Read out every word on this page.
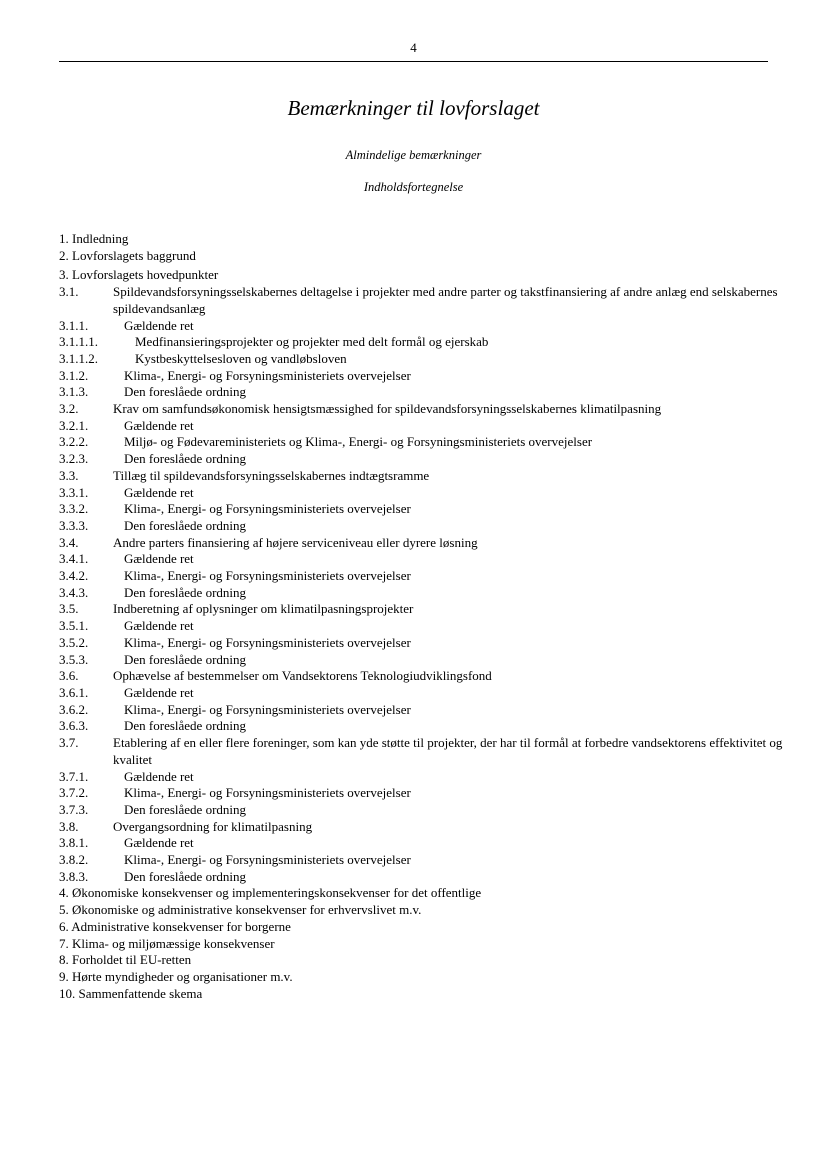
4
Bemærkninger til lovforslaget
Almindelige bemærkninger
Indholdsfortegnelse
1. Indledning
2. Lovforslagets baggrund
3. Lovforslagets hovedpunkter
3.1.	Spildevandsforsyningsselskabernes deltagelse i projekter med andre parter og takstfinansiering af andre anlæg end selskabernes spildevandsanlæg
3.1.1.	Gældende ret
3.1.1.1.	Medfinansieringsprojekter og projekter med delt formål og ejerskab
3.1.1.2.	Kystbeskyttelsesloven og vandløbsloven
3.1.2.	Klima-, Energi- og Forsyningsministeriets overvejelser
3.1.3.	Den foreslåede ordning
3.2.	Krav om samfundsøkonomisk hensigtsmæssighed for spildevandsforsyningsselskabernes klimatilpasning
3.2.1.	Gældende ret
3.2.2.	Miljø- og Fødevareministeriets og Klima-, Energi- og Forsyningsministeriets overvejelser
3.2.3.	Den foreslåede ordning
3.3.	Tillæg til spildevandsforsyningsselskabernes indtægtsramme
3.3.1.	Gældende ret
3.3.2.	Klima-, Energi- og Forsyningsministeriets overvejelser
3.3.3.	Den foreslåede ordning
3.4.	Andre parters finansiering af højere serviceniveau eller dyrere løsning
3.4.1.	Gældende ret
3.4.2.	Klima-, Energi- og Forsyningsministeriets overvejelser
3.4.3.	Den foreslåede ordning
3.5.	Indberetning af oplysninger om klimatilpasningsprojekter
3.5.1.	Gældende ret
3.5.2.	Klima-, Energi- og Forsyningsministeriets overvejelser
3.5.3.	Den foreslåede ordning
3.6.	Ophævelse af bestemmelser om Vandsektorens Teknologiudviklingsfond
3.6.1.	Gældende ret
3.6.2.	Klima-, Energi- og Forsyningsministeriets overvejelser
3.6.3.	Den foreslåede ordning
3.7.	Etablering af en eller flere foreninger, som kan yde støtte til projekter, der har til formål at forbedre vandsektorens effektivitet og kvalitet
3.7.1.	Gældende ret
3.7.2.	Klima-, Energi- og Forsyningsministeriets overvejelser
3.7.3.	Den foreslåede ordning
3.8.	Overgangsordning for klimatilpasning
3.8.1.	Gældende ret
3.8.2.	Klima-, Energi- og Forsyningsministeriets overvejelser
3.8.3.	Den foreslåede ordning
4. Økonomiske konsekvenser og implementeringskonsekvenser for det offentlige
5. Økonomiske og administrative konsekvenser for erhvervslivet m.v.
6. Administrative konsekvenser for borgerne
7. Klima- og miljømæssige konsekvenser
8. Forholdet til EU-retten
9. Hørte myndigheder og organisationer m.v.
10. Sammenfattende skema
